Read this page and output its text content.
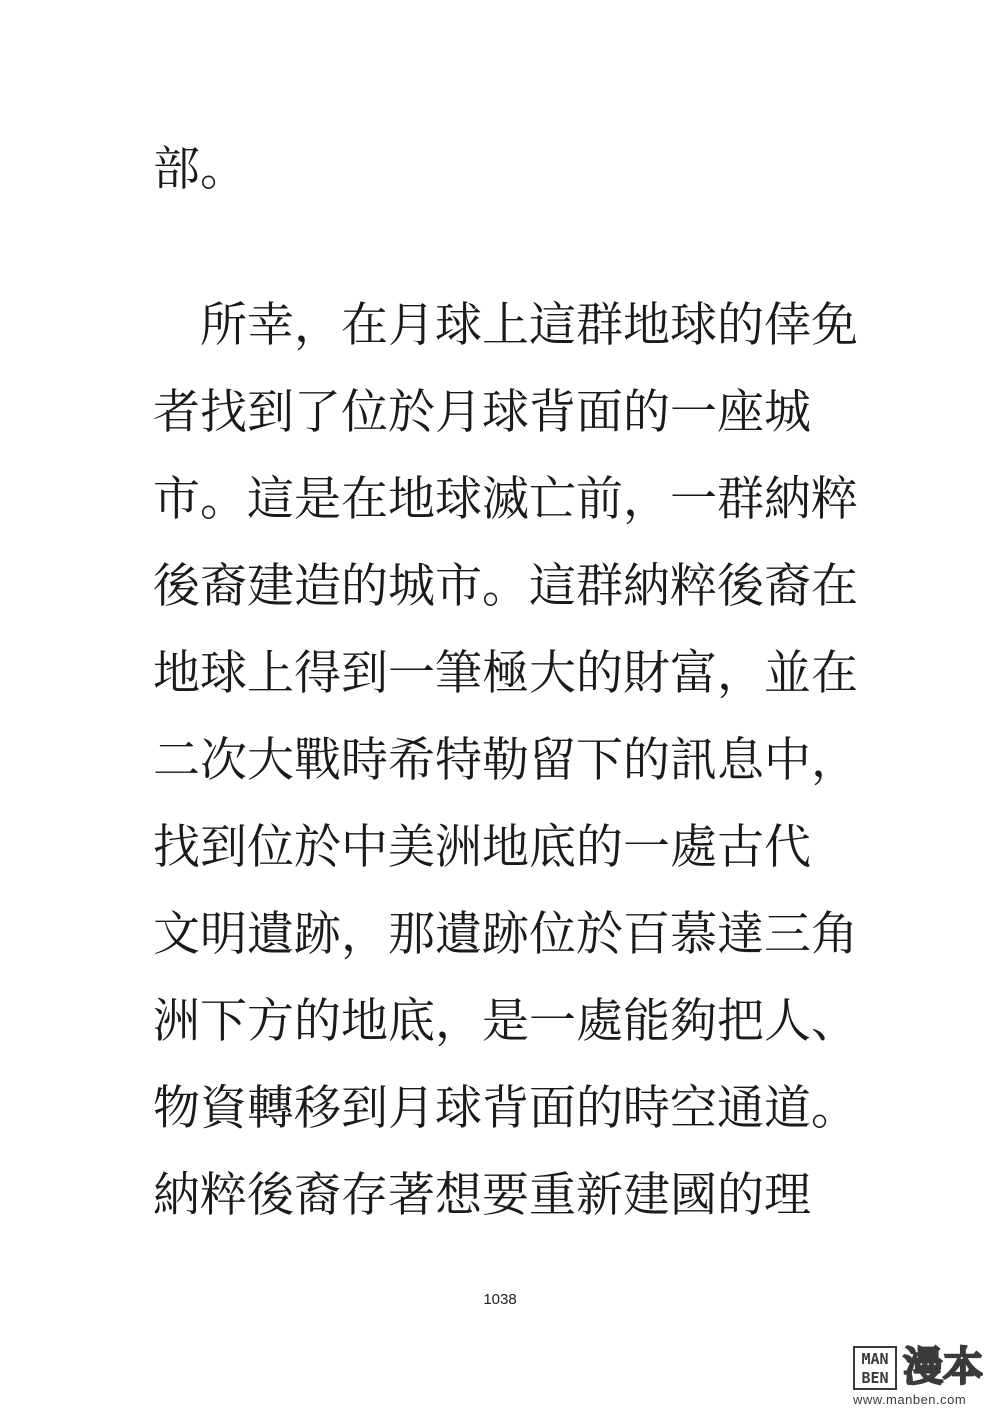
部。
　所幸，在月球上這群地球的倖免
者找到了位於月球背面的一座城
市。這是在地球滅亡前，一群納粹
後裔建造的城市。這群納粹後裔在
地球上得到一筆極大的財富，並在
二次大戰時希特勒留下的訊息中，
找到位於中美洲地底的一處古代
文明遺跡，那遺跡位於百慕達三角
洲下方的地底，是一處能夠把人、
物資轉移到月球背面的時空通道。
納粹後裔存著想要重新建國的理
1038
MAN
BEN 漫本
www.manben.com
